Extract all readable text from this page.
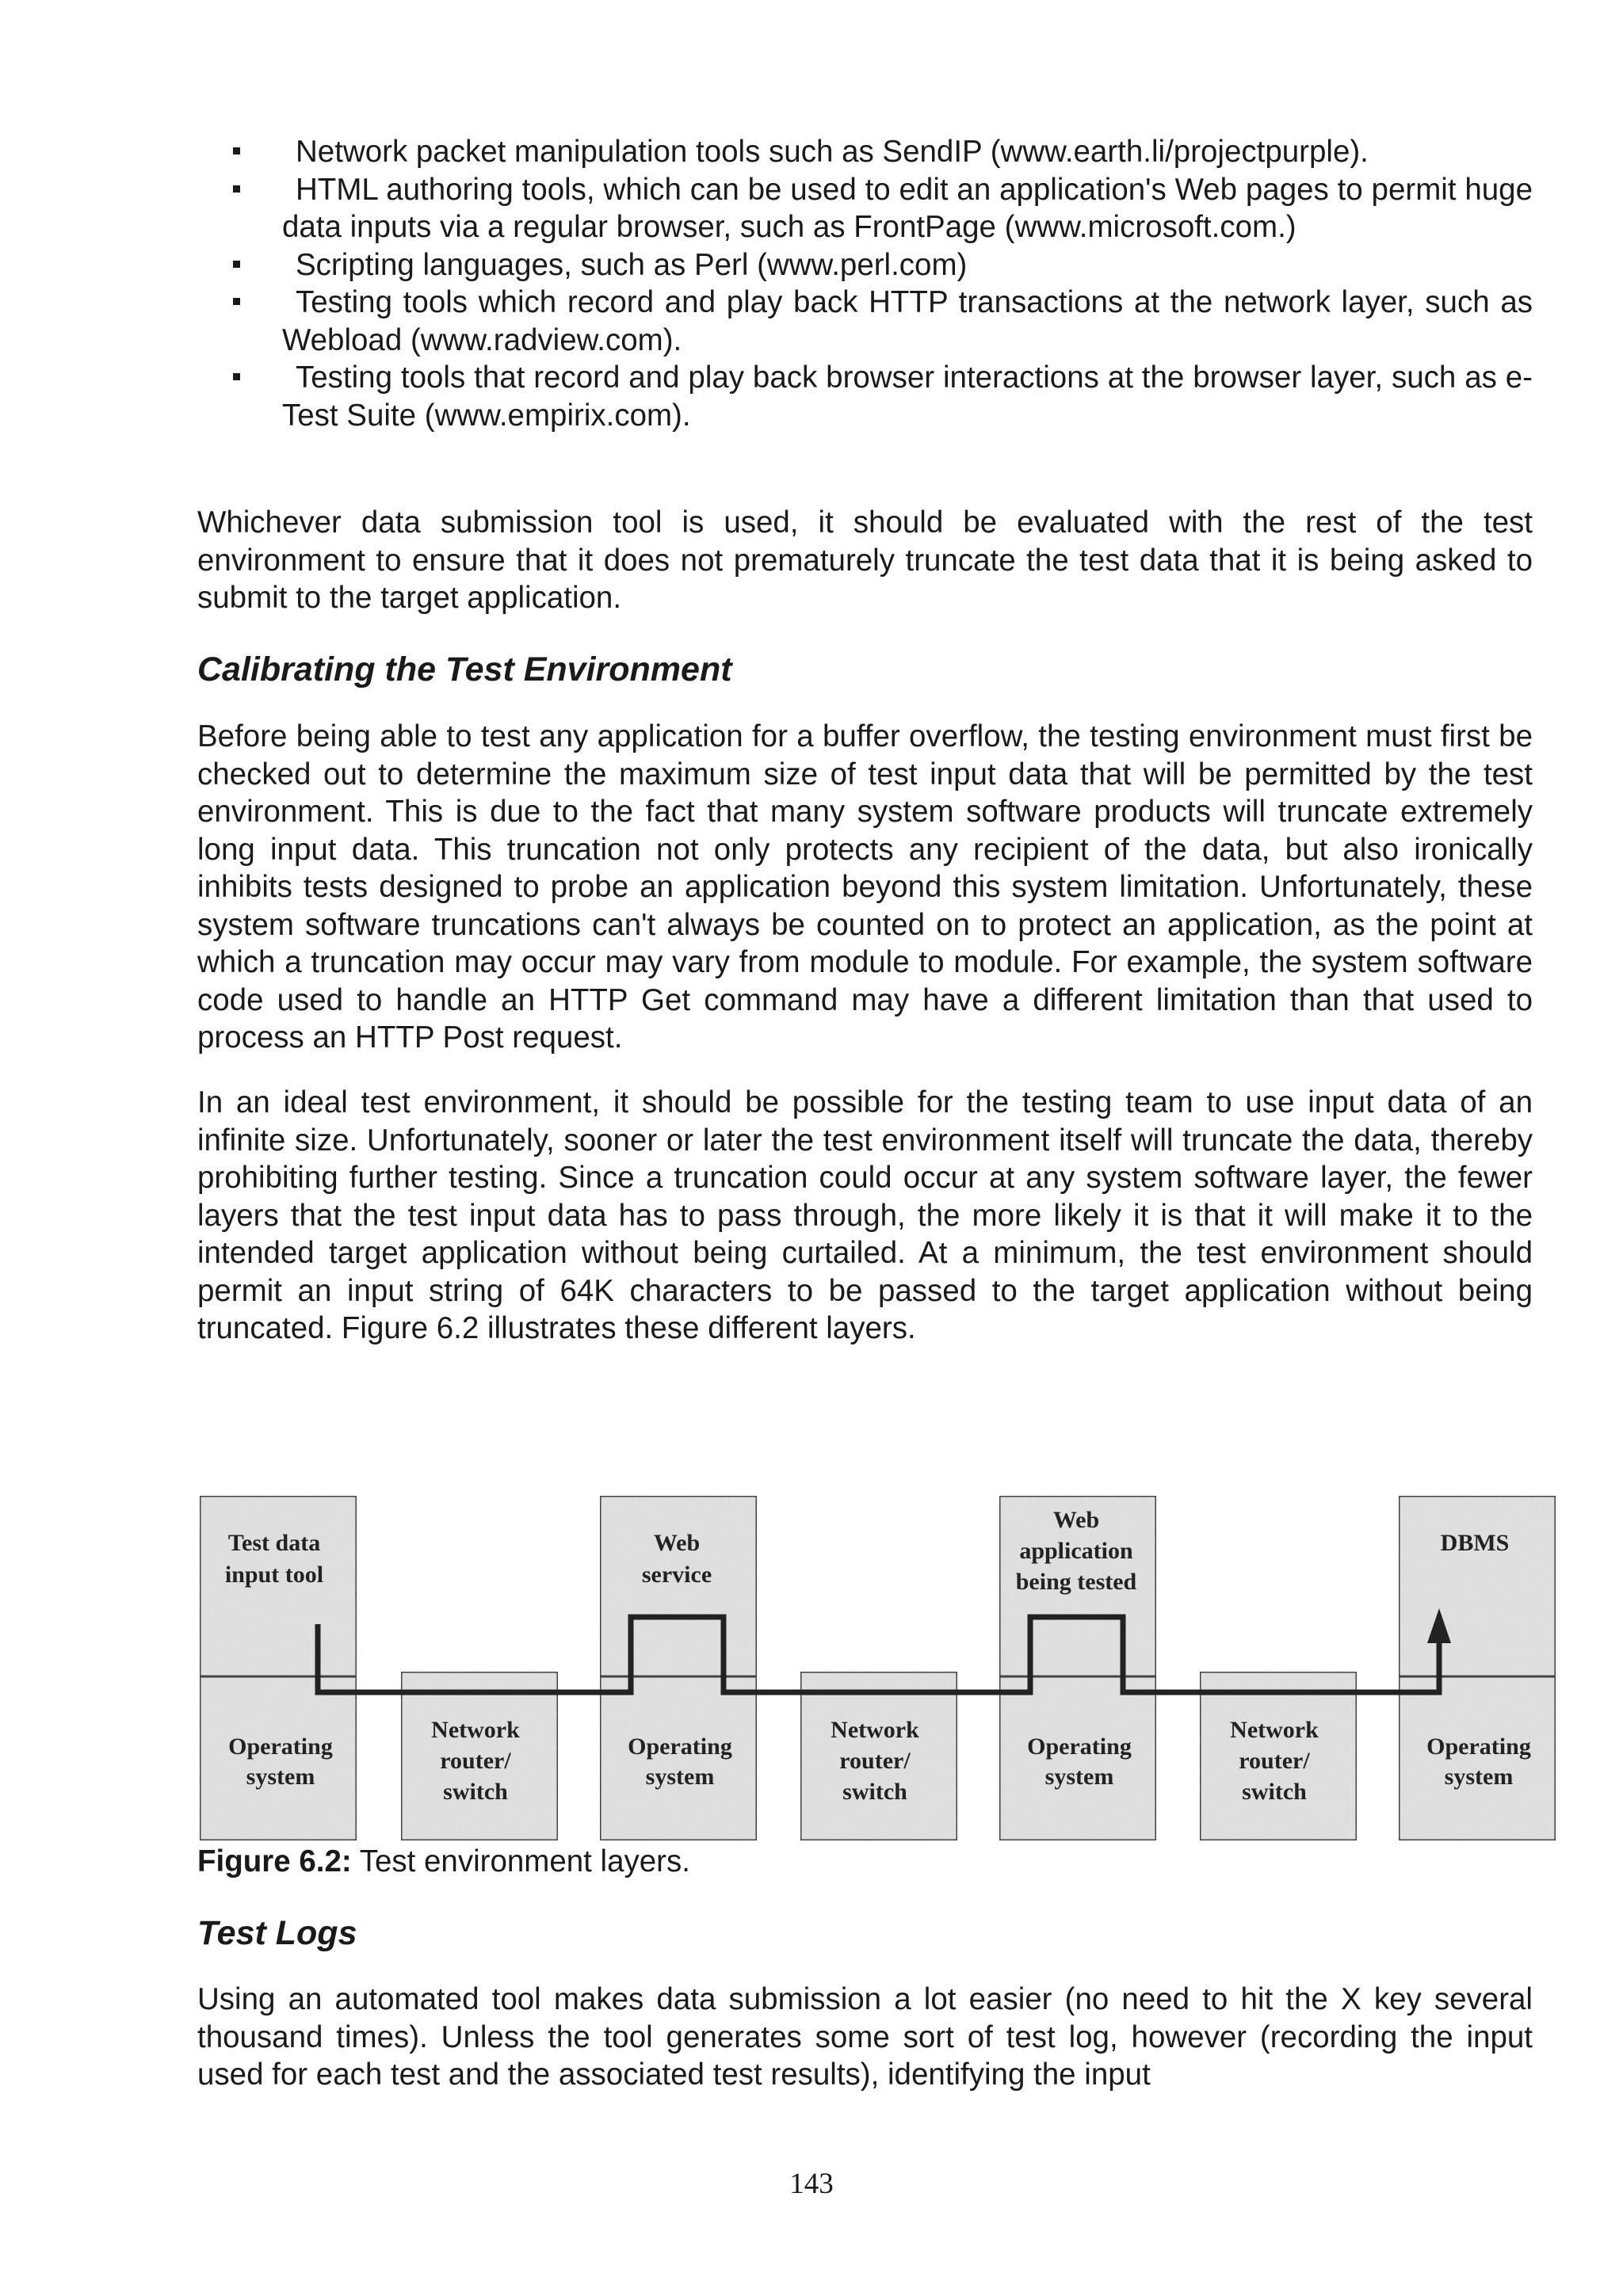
Network packet manipulation tools such as SendIP (www.earth.li/projectpurple).
HTML authoring tools, which can be used to edit an application's Web pages to permit huge data inputs via a regular browser, such as FrontPage (www.microsoft.com.)
Scripting languages, such as Perl (www.perl.com)
Testing tools which record and play back HTTP transactions at the network layer, such as Webload (www.radview.com).
Testing tools that record and play back browser interactions at the browser layer, such as e-Test Suite (www.empirix.com).

Whichever data submission tool is used, it should be evaluated with the rest of the test environment to ensure that it does not prematurely truncate the test data that it is being asked to submit to the target application.

Calibrating the Test Environment

Before being able to test any application for a buffer overflow, the testing environment must first be checked out to determine the maximum size of test input data that will be permitted by the test environment. This is due to the fact that many system software products will truncate extremely long input data. This truncation not only protects any recipient of the data, but also ironically inhibits tests designed to probe an application beyond this system limitation. Unfortunately, these system software truncations can't always be counted on to protect an application, as the point at which a truncation may occur may vary from module to module. For example, the system software code used to handle an HTTP Get command may have a different limitation than that used to process an HTTP Post request.

In an ideal test environment, it should be possible for the testing team to use input data of an infinite size. Unfortunately, sooner or later the test environment itself will truncate the data, thereby prohibiting further testing. Since a truncation could occur at any system software layer, the fewer layers that the test input data has to pass through, the more likely it is that it will make it to the intended target application without being curtailed. At a minimum, the test environment should permit an input string of 64K characters to be passed to the target application without being truncated. Figure 6.2 illustrates these different layers.

Test data
input tool
Operating
system
Network
router/
switch
Web
service
Operating
system
Network
router/
switch
Web
application
being tested
Operating
system
Network
router/
switch
DBMS
Operating
system

Figure 6.2: Test environment layers.

Test Logs

Using an automated tool makes data submission a lot easier (no need to hit the X key several thousand times). Unless the tool generates some sort of test log, however (recording the input used for each test and the associated test results), identifying the input

143
